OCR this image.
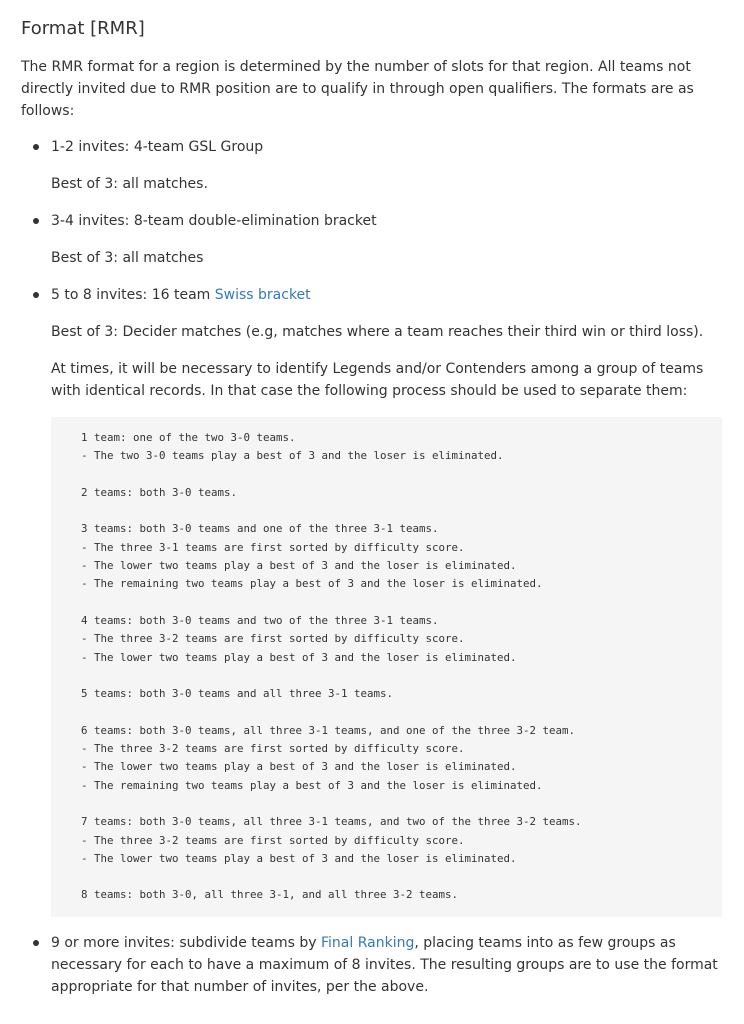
Format [RMR]

The RMR format for a region is determined by the number of slots for that region. All teams not directly invited due to RMR position are to qualify in through open qualifiers. The formats are as follows:

1-2 invites: 4-team GSL Group

Best of 3: all matches.

3-4 invites: 8-team double-elimination bracket

Best of 3: all matches

5 to 8 invites: 16 team Swiss bracket

Best of 3: Decider matches (e.g, matches where a team reaches their third win or third loss).

At times, it will be necessary to identify Legends and/or Contenders among a group of teams with identical records. In that case the following process should be used to separate them:

1 team: one of the two 3-0 teams.
- The two 3-0 teams play a best of 3 and the loser is eliminated.

2 teams: both 3-0 teams.

3 teams: both 3-0 teams and one of the three 3-1 teams.
- The three 3-1 teams are first sorted by difficulty score.
- The lower two teams play a best of 3 and the loser is eliminated.
- The remaining two teams play a best of 3 and the loser is eliminated.

4 teams: both 3-0 teams and two of the three 3-1 teams.
- The three 3-2 teams are first sorted by difficulty score.
- The lower two teams play a best of 3 and the loser is eliminated.

5 teams: both 3-0 teams and all three 3-1 teams.

6 teams: both 3-0 teams, all three 3-1 teams, and one of the three 3-2 team.
- The three 3-2 teams are first sorted by difficulty score.
- The lower two teams play a best of 3 and the loser is eliminated.
- The remaining two teams play a best of 3 and the loser is eliminated.

7 teams: both 3-0 teams, all three 3-1 teams, and two of the three 3-2 teams.
- The three 3-2 teams are first sorted by difficulty score.
- The lower two teams play a best of 3 and the loser is eliminated.

8 teams: both 3-0, all three 3-1, and all three 3-2 teams.

9 or more invites: subdivide teams by Final Ranking, placing teams into as few groups as necessary for each to have a maximum of 8 invites. The resulting groups are to use the format appropriate for that number of invites, per the above.
